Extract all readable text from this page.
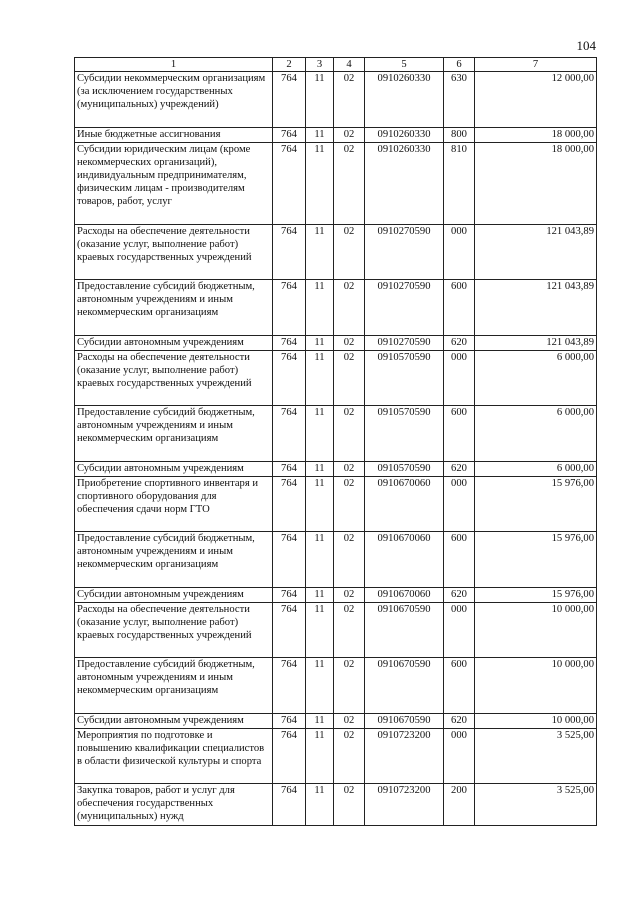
104
1	2	3	4	5	6	7
Субсидии некоммерческим организациям (за исключением государственных (муниципальных) учреждений)	764	11	02	0910260330	630	12 000,00
Иные бюджетные ассигнования	764	11	02	0910260330	800	18 000,00
Субсидии юридическим лицам (кроме некоммерческих организаций), индивидуальным предпринимателям, физическим лицам - производителям товаров, работ, услуг	764	11	02	0910260330	810	18 000,00
Расходы на обеспечение деятельности (оказание услуг, выполнение работ) краевых государственных учреждений	764	11	02	0910270590	000	121 043,89
Предоставление субсидий бюджетным, автономным учреждениям и иным некоммерческим организациям	764	11	02	0910270590	600	121 043,89
Субсидии автономным учреждениям	764	11	02	0910270590	620	121 043,89
Расходы на обеспечение деятельности (оказание услуг, выполнение работ) краевых государственных учреждений	764	11	02	0910570590	000	6 000,00
Предоставление субсидий бюджетным, автономным учреждениям и иным некоммерческим организациям	764	11	02	0910570590	600	6 000,00
Субсидии автономным учреждениям	764	11	02	0910570590	620	6 000,00
Приобретение спортивного инвентаря и спортивного оборудования для обеспечения сдачи норм ГТО	764	11	02	0910670060	000	15 976,00
Предоставление субсидий бюджетным, автономным учреждениям и иным некоммерческим организациям	764	11	02	0910670060	600	15 976,00
Субсидии автономным учреждениям	764	11	02	0910670060	620	15 976,00
Расходы на обеспечение деятельности (оказание услуг, выполнение работ) краевых государственных учреждений	764	11	02	0910670590	000	10 000,00
Предоставление субсидий бюджетным, автономным учреждениям и иным некоммерческим организациям	764	11	02	0910670590	600	10 000,00
Субсидии автономным учреждениям	764	11	02	0910670590	620	10 000,00
Мероприятия по подготовке и повышению квалификации специалистов в области физической культуры и спорта	764	11	02	0910723200	000	3 525,00
Закупка товаров, работ и услуг для обеспечения государственных (муниципальных) нужд	764	11	02	0910723200	200	3 525,00
